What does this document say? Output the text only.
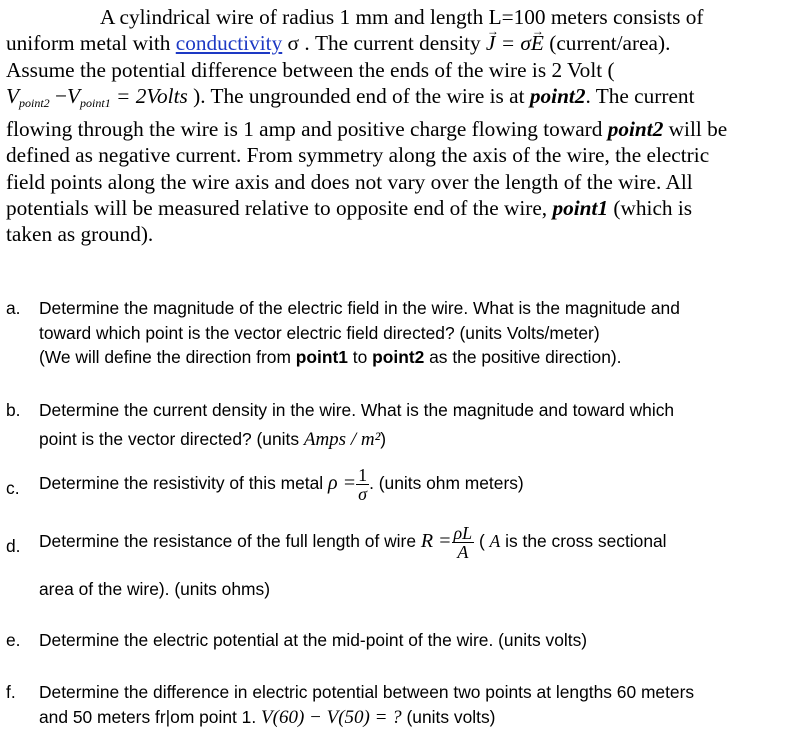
A cylindrical wire of radius 1 mm and length L=100 meters consists of
uniform metal with conductivity σ . The current density → J = σ→ E (current/area).
Assume the potential difference between the ends of the wire is 2 Volt (
$V_{point2} -V_{point1}$ = 2Volts ). The ungrounded end of the wire is at point2. The current
flowing through the wire is 1 amp and positive charge flowing toward point2 will be
defined as negative current. From symmetry along the axis of the wire, the electric
field points along the wire axis and does not vary over the length of the wire. All
potentials will be measured relative to opposite end of the wire, point1 (which is
taken as ground).
a. Determine the magnitude of the electric field in the wire. What is the magnitude and
toward which point is the vector electric field directed? (units Volts/meter)
(We will define the direction from point1 to point2 as the positive direction).
b. Determine the current density in the wire. What is the magnitude and toward which
point is the vector directed? (units Amps / m²)
c. Determine the resistivity of this metal $\rho = \frac{1}{\sigma}$ . (units ohm meters)
d. Determine the resistance of the full length of wire $R = \frac{\rho L}{A}$ ( A is the cross sectional
area of the wire). (units ohms)
e. Determine the electric potential at the mid-point of the wire. (units volts)
f. Determine the difference in electric potential between two points at lengths 60 meters
and 50 meters fr|om point 1. V(60) − V(50) = ? (units volts)
